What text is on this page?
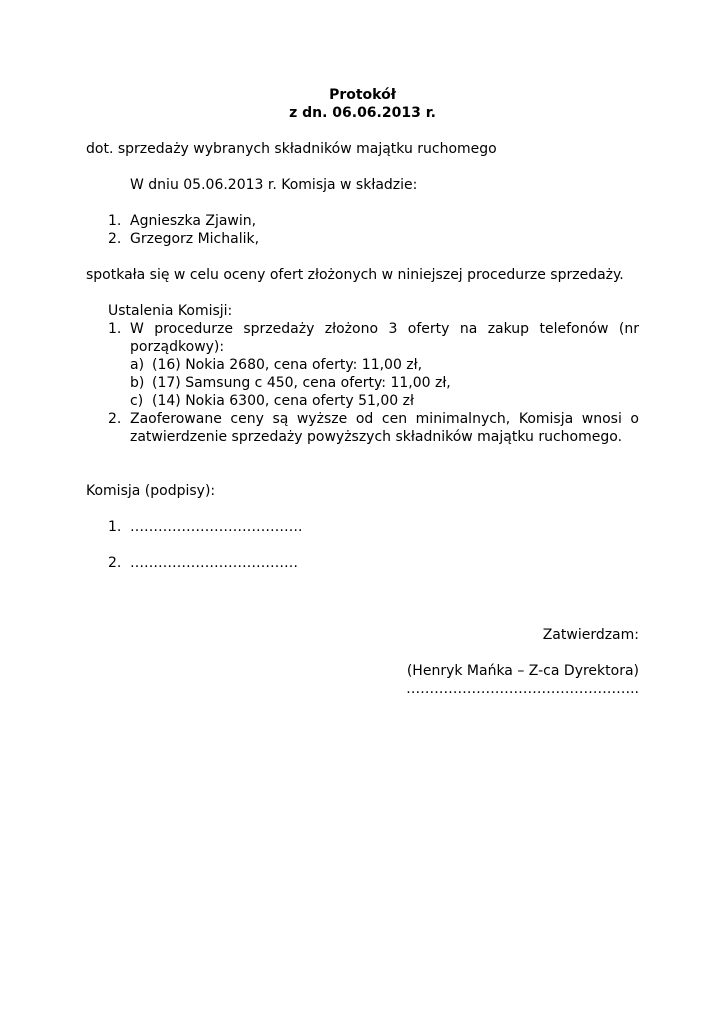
Protokół
z dn. 06.06.2013 r.
dot. sprzedaży wybranych składników majątku ruchomego
W dniu 05.06.2013 r. Komisja w składzie:
1. Agnieszka Zjawin,
2. Grzegorz Michalik,
spotkała się w celu oceny ofert złożonych w niniejszej procedurze sprzedaży.
Ustalenia Komisji:
1. W procedurze sprzedaży złożono 3 oferty na zakup telefonów (nr
porządkowy):
a) (16) Nokia 2680, cena oferty: 11,00 zł,
b) (17) Samsung c 450, cena oferty: 11,00 zł,
c) (14) Nokia 6300, cena oferty 51,00 zł
2. Zaoferowane ceny są wyższe od cen minimalnych, Komisja wnosi o
zatwierdzenie sprzedaży powyższych składników majątku ruchomego.
Komisja (podpisy):
1. ……………………………….
2. ………………………………
Zatwierdzam:
(Henryk Mańka – Z-ca Dyrektora)
…………………………………………..
